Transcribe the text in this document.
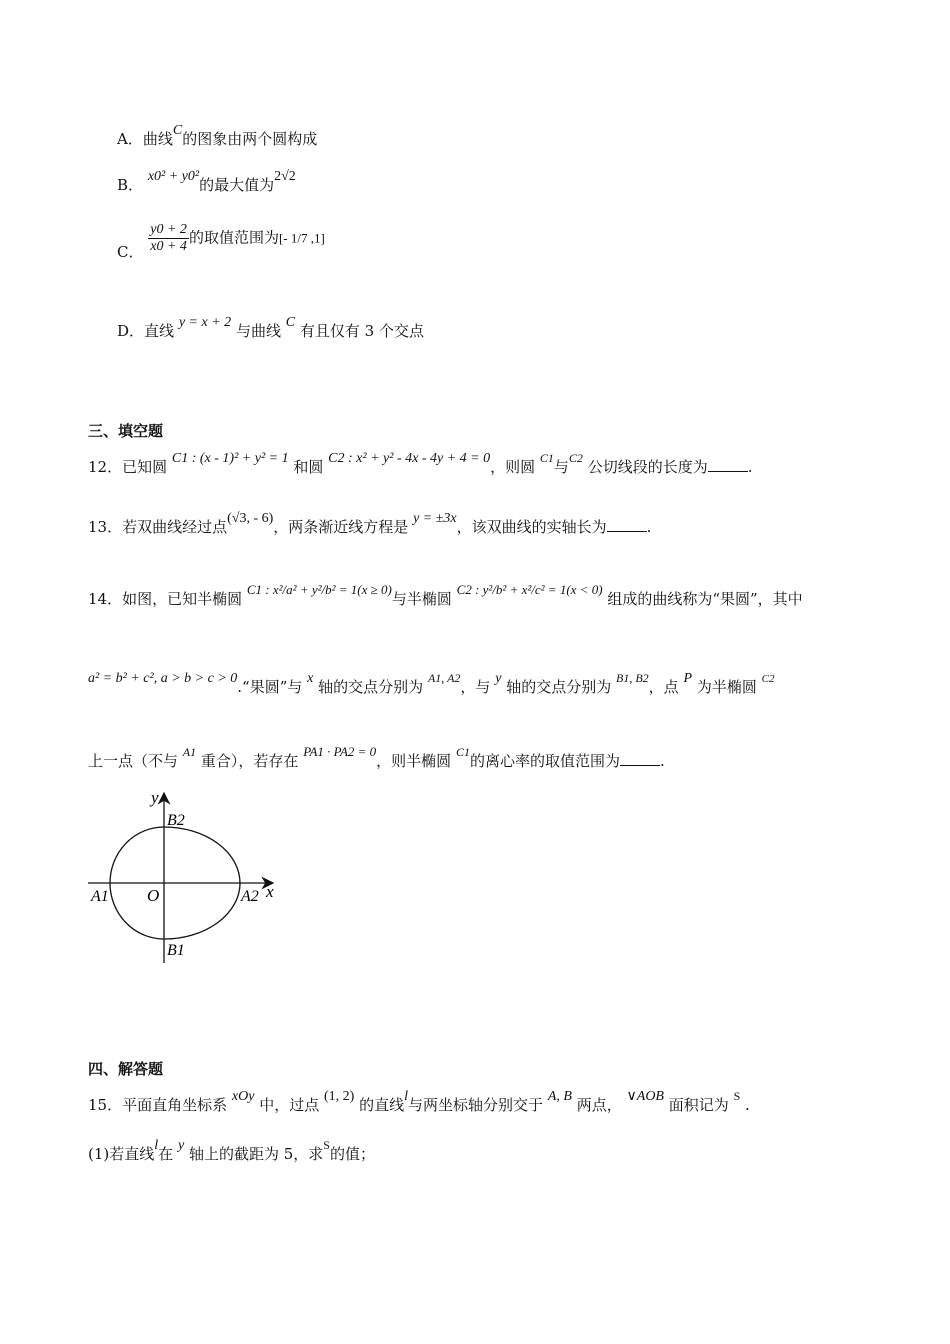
A．曲线C的图象由两个圆构成
B． x0² + y0²的最大值为2√2
C． $\frac{y0 + 2}{x0 + 4}$ 的取值范围为[- 1/7 ,1]
D．直线 y = x + 2 与曲线 C 有且仅有 3 个交点
三、填空题
12．已知圆 C1 : (x - 1)² + y² = 1 和圆 C2 : x² + y² - 4x - 4y + 4 = 0，则圆 $^{C1}$与$^{C2}$ 公切线段的长度为	.
13．若双曲线经过点(√3, - 6)，两条渐近线方程是 y = ±3x，该双曲线的实轴长为	.
14．如图，已知半椭圆 C1 : x²/a² + y²/b² = 1(x ≥ 0)与半椭圆 C2 : y²/b² + x²/c² = 1(x < 0) 组成的曲线称为“果圆”，其中
a² = b² + c², a > b > c > 0.“果圆”与 x 轴的交点分别为 $^{A1, A2}$，与 y 轴的交点分别为 $^{B1, B2}$，点 P 为半椭圆 $^{C2}$
上一点（不与 $^{A1}$ 重合），若存在 PA1 · PA2 = 0，则半椭圆 $^{C1}$的离心率的取值范围为	.
y
x
O
B2
B1
A1	A2
四、解答题
15．平面直角坐标系 xOy 中，过点 (1, 2) 的直线l与两坐标轴分别交于 A, B 两点， ∨AOB 面积记为 $^S$ .
(1)若直线l在 y 轴上的截距为 5，求$^S$的值；
